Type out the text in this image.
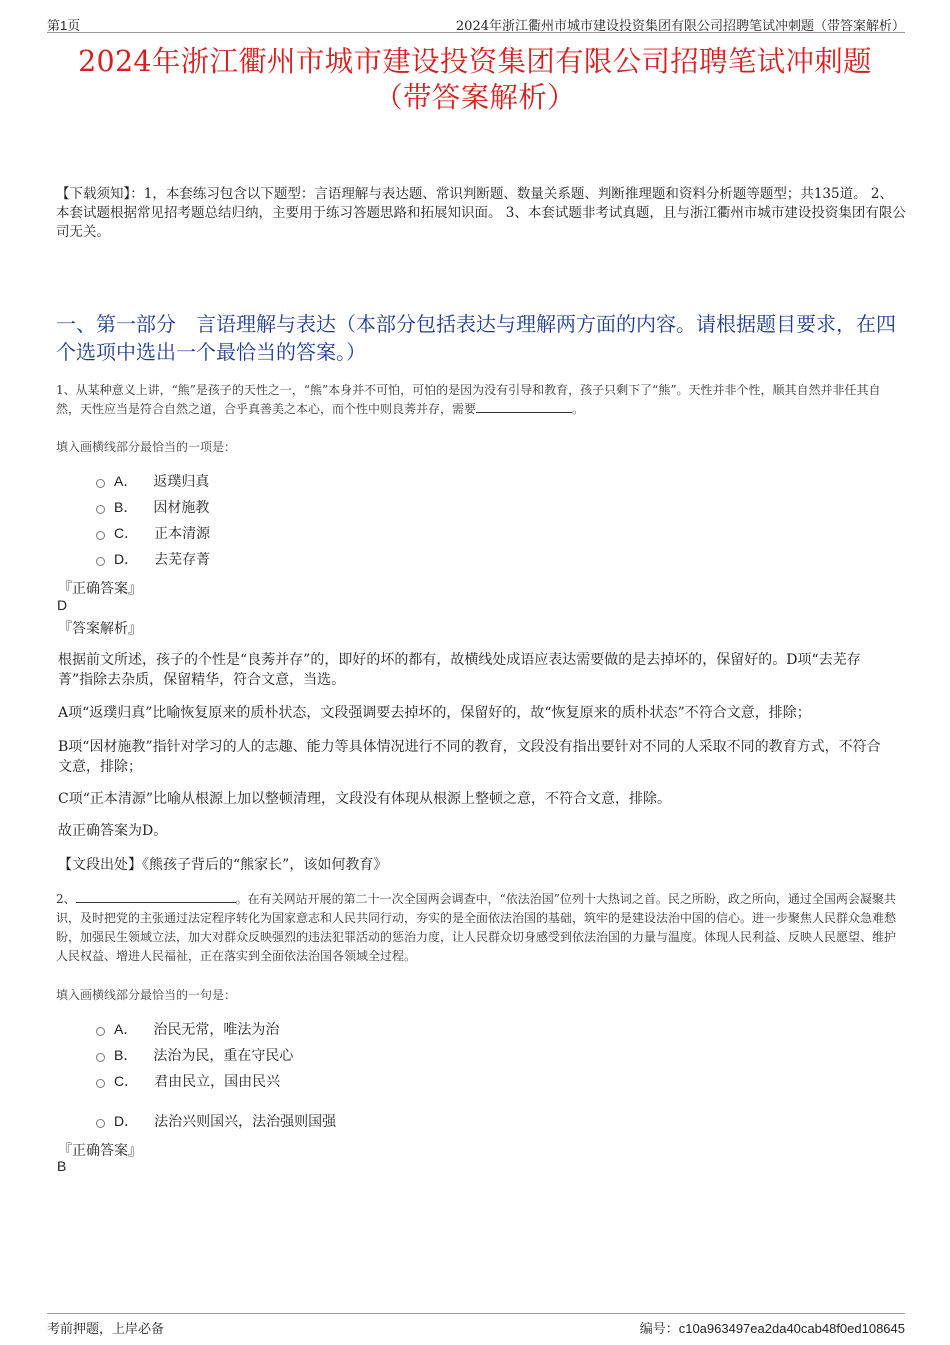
第1页	2024年浙江衢州市城市建设投资集团有限公司招聘笔试冲刺题（带答案解析）
2024年浙江衢州市城市建设投资集团有限公司招聘笔试冲刺题
（带答案解析）
【下载须知】：1，本套练习包含以下题型：言语理解与表达题、常识判断题、数量关系题、判断推理题和资料分析题等题型；共135道。 2、本套试题根据常见招考题总结归纳，主要用于练习答题思路和拓展知识面。 3、本套试题非考试真题，且与浙江衢州市城市建设投资集团有限公司无关。
一、第一部分　言语理解与表达（本部分包括表达与理解两方面的内容。请根据题目要求，在四个选项中选出一个最恰当的答案。）
1、从某种意义上讲，“熊”是孩子的天性之一，“熊”本身并不可怕，可怕的是因为没有引导和教育，孩子只剩下了“熊”。天性并非个性，顺其自然并非任其自然，天性应当是符合自然之道，合乎真善美之本心，而个性中则良莠并存，需要	。
填入画横线部分最恰当的一项是：
A． 返璞归真
B． 因材施教
C． 正本清源
D． 去芜存菁
『正确答案』
D
『答案解析』
根据前文所述，孩子的个性是“良莠并存”的，即好的坏的都有，故横线处成语应表达需要做的是去掉坏的，保留好的。D项“去芜存菁”指除去杂质，保留精华，符合文意，当选。
A项“返璞归真”比喻恢复原来的质朴状态，文段强调要去掉坏的，保留好的，故“恢复原来的质朴状态”不符合文意，排除；
B项“因材施教”指针对学习的人的志趣、能力等具体情况进行不同的教育，文段没有指出要针对不同的人采取不同的教育方式，不符合文意，排除；
C项“正本清源”比喻从根源上加以整顿清理，文段没有体现从根源上整顿之意，不符合文意，排除。
故正确答案为D。
【文段出处】《熊孩子背后的“熊家长”，该如何教育》
2、	。在有关网站开展的第二十一次全国两会调查中，“依法治国”位列十大热词之首。民之所盼，政之所向，通过全国两会凝聚共识，及时把党的主张通过法定程序转化为国家意志和人民共同行动，夯实的是全面依法治国的基础，筑牢的是建设法治中国的信心。进一步聚焦人民群众急难愁盼，加强民生领域立法，加大对群众反映强烈的违法犯罪活动的惩治力度，让人民群众切身感受到依法治国的力量与温度。体现人民利益、反映人民愿望、维护人民权益、增进人民福祉，正在落实到全面依法治国各领域全过程。
填入画横线部分最恰当的一句是：
A． 治民无常，唯法为治
B． 法治为民，重在守民心
C． 君由民立，国由民兴
D． 法治兴则国兴，法治强则国强
『正确答案』
B
考前押题，上岸必备	编号：c10a963497ea2da40cab48f0ed108645
